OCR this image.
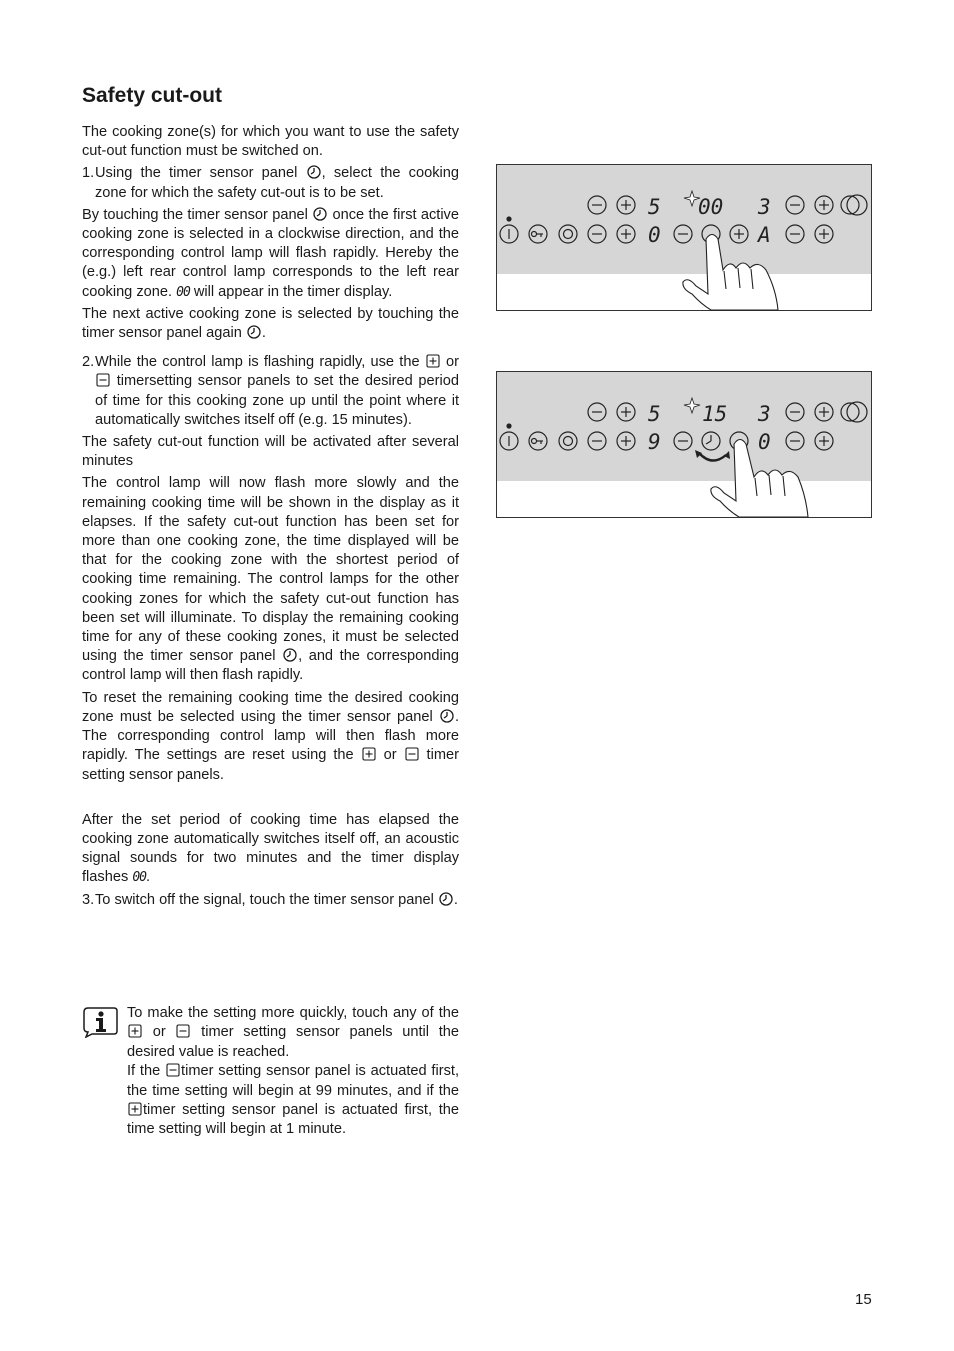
Safety cut-out

The cooking zone(s) for which you want to use the safety cut-out function must be switched on.

1. Using the timer sensor panel , select the cooking zone for which the safety cut-out is to be set.

By touching the timer sensor panel once the first active cooking zone is selected in a clockwise direction, and the corresponding control lamp will flash rapidly. Hereby the (e.g.) left rear control lamp corresponds to the left rear cooking zone. 00 will appear in the timer display.

The next active cooking zone is selected by touching the timer sensor panel again .

2. While the control lamp is flashing rapidly, use the or  timersetting sensor panels to set the desired period of time for this cooking zone up until the point where it automatically switches itself off (e.g. 15 minutes).

The safety cut-out function will be activated after several minutes

The control lamp will now flash more slowly and the remaining cooking time will be shown in the display as it elapses. If the safety cut-out function has been set for more than one cooking zone, the time displayed will be that for the cooking zone with the shortest period of cooking time remaining. The control lamps for the other cooking zones for which the safety cut-out function has been set will illuminate. To display the remaining cooking time for any of these cooking zones, it must be selected using the timer sensor panel , and the corresponding control lamp will then flash rapidly.

To reset the remaining cooking time the desired cooking zone must be selected using the timer sensor panel . The corresponding control lamp will then flash more rapidly. The settings are reset using the or timer setting sensor panels.

After the set period of cooking time has elapsed the cooking zone automatically switches itself off, an acoustic signal sounds for two minutes and the timer display flashes 00.

3. To switch off the signal, touch the timer sensor panel .

To make the setting more quickly, touch any of the  or timer setting sensor panels until the desired value is reached.

If the timer setting sensor panel is actuated first, the time setting will begin at 99 minutes, and if the timer setting sensor panel is actuated first, the time setting will begin at 1 minute.

5
0
00 3
A
5
9
15 3
0
15
